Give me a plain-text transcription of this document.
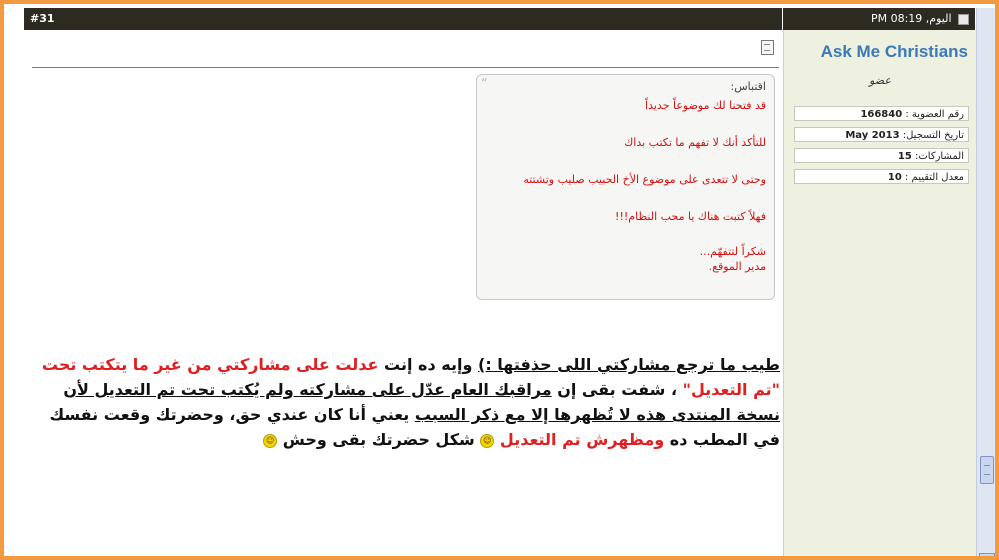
#31	اليوم, 08:19 PM
Ask Me Christians
عضو
رقم العضوية : 166840
تاريخ التسجيل: May 2013
المشاركات: 15
معدل التقييم : 10
“	اقتباس:
قد فتحنا لك موضوعاً جديداً
للتأكد أنك لا تفهم ما تكتب بداك
وحتى لا تتعدى على موضوع الأخ الحبيب صليب وتشتته
فهلاً كتبت هناك يا محب النظام!!!
شكراً لتتفهّم...
مدير الموقع.
طيب ما ترجع مشاركتي اللى حذفتها :) وإيه ده إنت عدلت على مشاركتي من غير ما يتكتب تحت "تم التعديل" ، شفت بقى إن مراقبك العام عدّل على مشاركته ولم يُكتب تحت تم التعديل لأن نسخة المنتدى هذه لا تُظهرها إلا مع ذكر السبب يعني أنا كان عندي حق، وحضرتك وقعت نفسك في المطب ده ومظهرش تم التعديل ☺ شكل حضرتك بقى وحش ☺
